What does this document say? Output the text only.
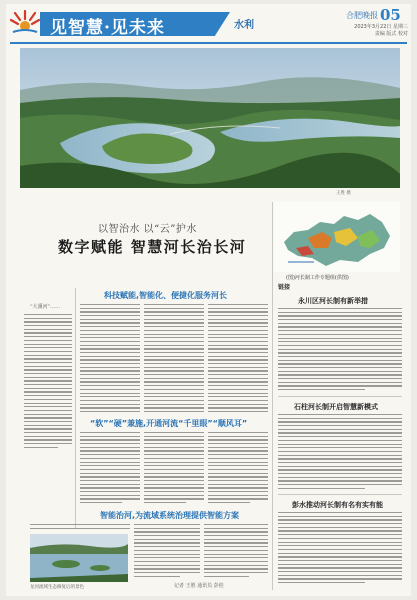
见智慧·见未来	水利
合肥晚报 05
2023年3月22日 星期三
责编 版式 校对
王胜 摄
以智治水 以“云”护水
数字赋能 智慧河长治长河
(图)河长制工作专题组(供图)
“大溪河”……
科技赋能,智能化、便捷化服务河长
“软”“硬”兼施,开通河流“千里眼”“顺风耳”
智能治河,为流域系统治理提供智能方案
龙河流域生态修复后的景色	记者 王胜 通讯员 彭桂
链接
永川区河长制有新举措
石柱河长制开启智慧新模式
彭水推动河长制有名有实有能
